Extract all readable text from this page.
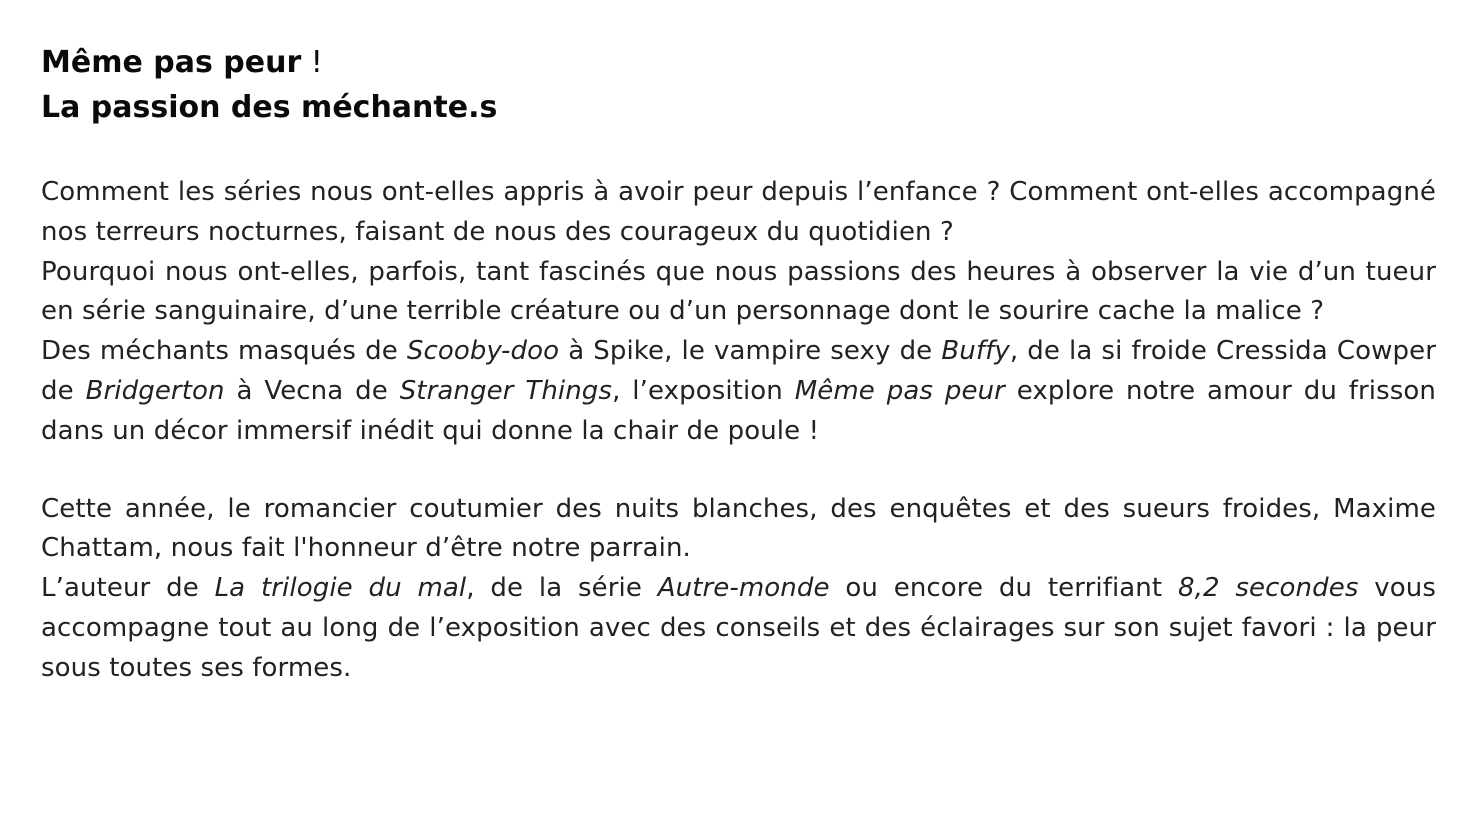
Même pas peur !
La passion des méchante.s

Comment les séries nous ont-elles appris à avoir peur depuis l’enfance ? Comment ont-elles accompagné nos terreurs nocturnes, faisant de nous des courageux du quotidien ?

Pourquoi nous ont-elles, parfois, tant fascinés que nous passions des heures à observer la vie d’un tueur en série sanguinaire, d’une terrible créature ou d’un personnage dont le sourire cache la malice ?

Des méchants masqués de Scooby-doo à Spike, le vampire sexy de Buffy, de la si froide Cressida Cowper de Bridgerton à Vecna de Stranger Things, l’exposition Même pas peur explore notre amour du frisson dans un décor immersif inédit qui donne la chair de poule !

Cette année, le romancier coutumier des nuits blanches, des enquêtes et des sueurs froides, Maxime Chattam, nous fait l'honneur d’être notre parrain.

L’auteur de La trilogie du mal, de la série Autre-monde ou encore du terrifiant 8,2 secondes vous accompagne tout au long de l’exposition avec des conseils et des éclairages sur son sujet favori : la peur sous toutes ses formes.
